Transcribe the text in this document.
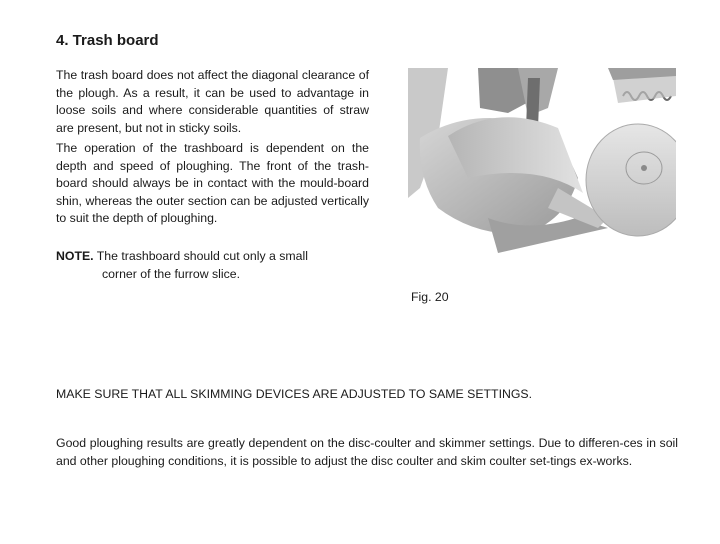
4. Trash board

The trash board does not affect the diagonal clearance of the plough. As a result, it can be used to advantage in loose soils and where considerable quantities of straw are present, but not in sticky soils.

The operation of the trashboard is dependent on the depth and speed of ploughing. The front of the trash-board should always be in contact with the mould-board shin, whereas the outer section can be adjusted vertically to suit the depth of ploughing.

NOTE. The trashboard should cut only a small
corner of the furrow slice.

Fig. 20

MAKE SURE THAT ALL SKIMMING DEVICES ARE ADJUSTED TO SAME SETTINGS.

Good ploughing results are greatly dependent on the disc-coulter and skimmer settings. Due to differen-ces in soil and other ploughing conditions, it is possible to adjust the disc coulter and skim coulter set-tings ex-works.
